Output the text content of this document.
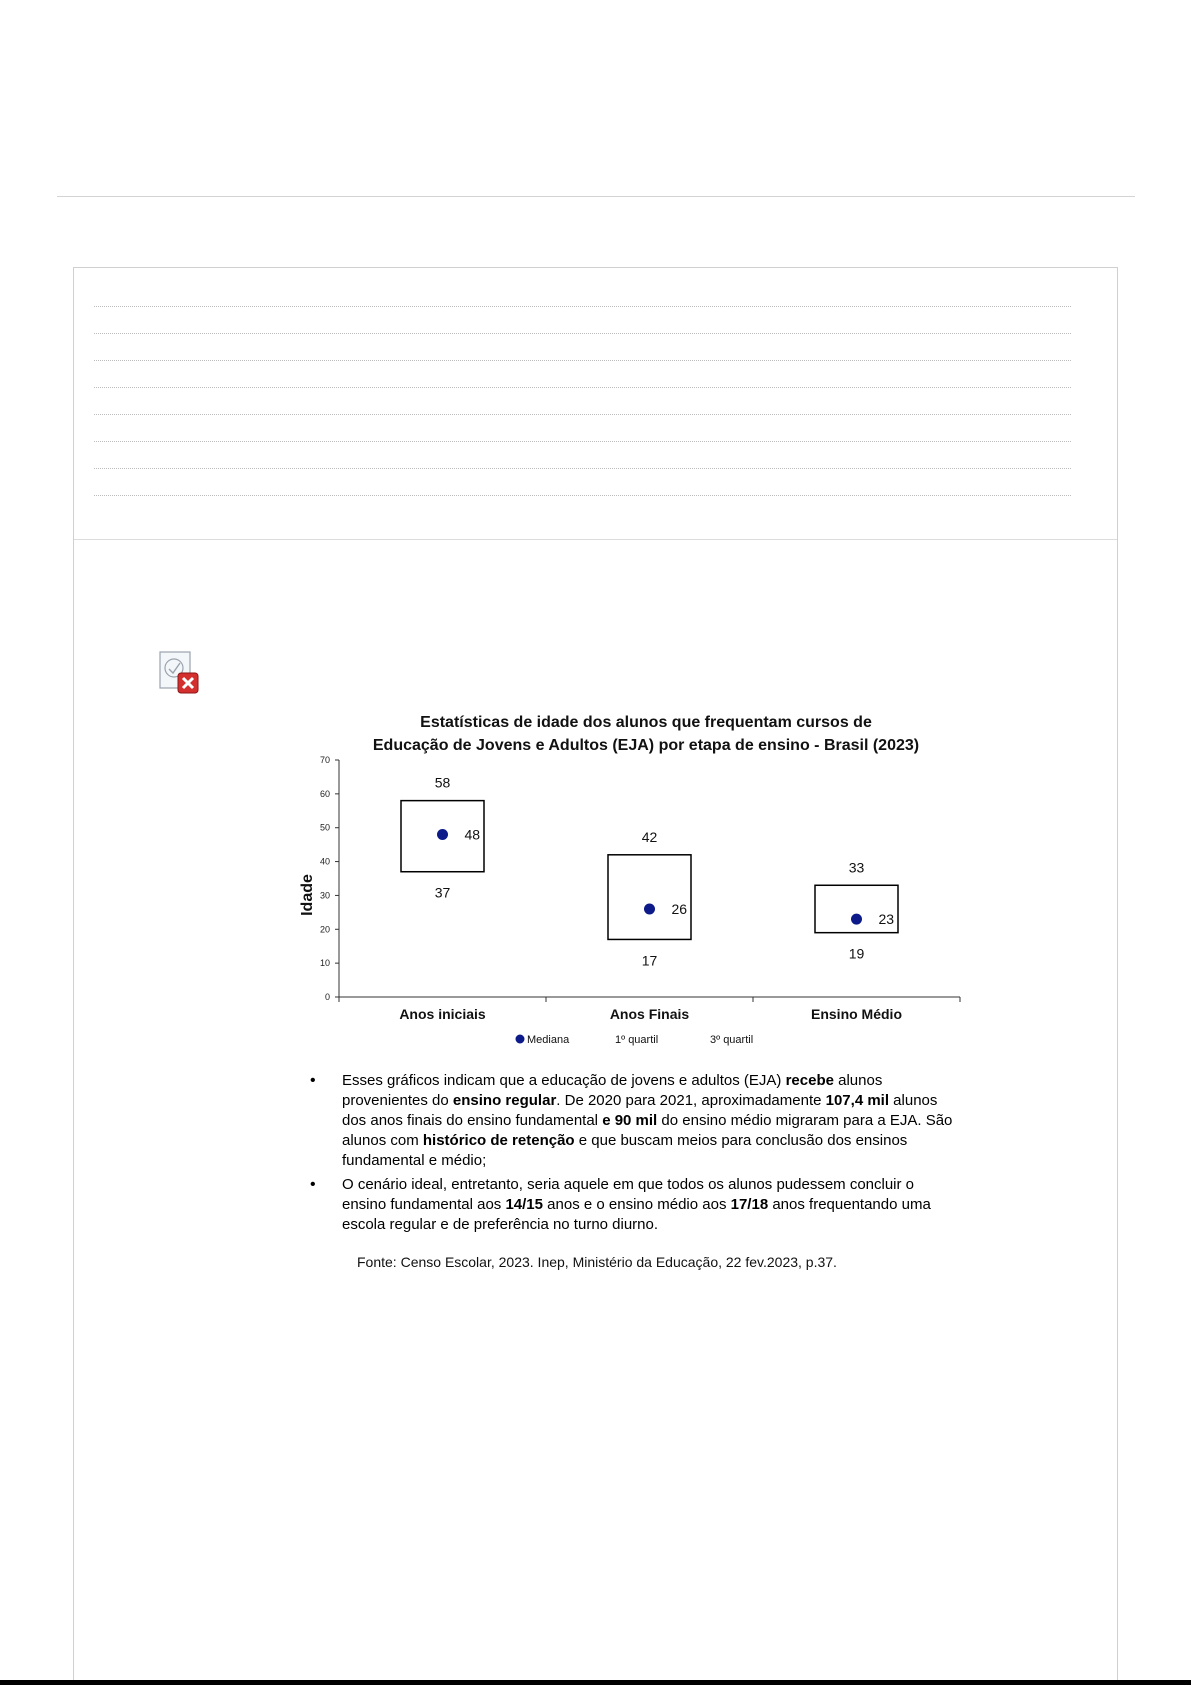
Estatísticas de idade dos alunos que frequentam cursos de
Educação de Jovens e Adultos (EJA) por etapa de ensino - Brasil (2023)
Idade
0
10
20
30
40
50
60
70
Anos iniciais	Anos Finais	Ensino Médio
48
58
37
26
42
17
23
33
19
Mediana	1º quartil	3º quartil
• Esses gráficos indicam que a educação de jovens e adultos (EJA) recebe alunos provenientes do ensino regular. De 2020 para 2021, aproximadamente 107,4 mil alunos dos anos finais do ensino fundamental e 90 mil do ensino médio migraram para a EJA. São alunos com histórico de retenção e que buscam meios para conclusão dos ensinos fundamental e médio;
• O cenário ideal, entretanto, seria aquele em que todos os alunos pudessem concluir o ensino fundamental aos 14/15 anos e o ensino médio aos 17/18 anos frequentando uma escola regular e de preferência no turno diurno.
Fonte: Censo Escolar, 2023. Inep, Ministério da Educação, 22 fev.2023, p.37.
